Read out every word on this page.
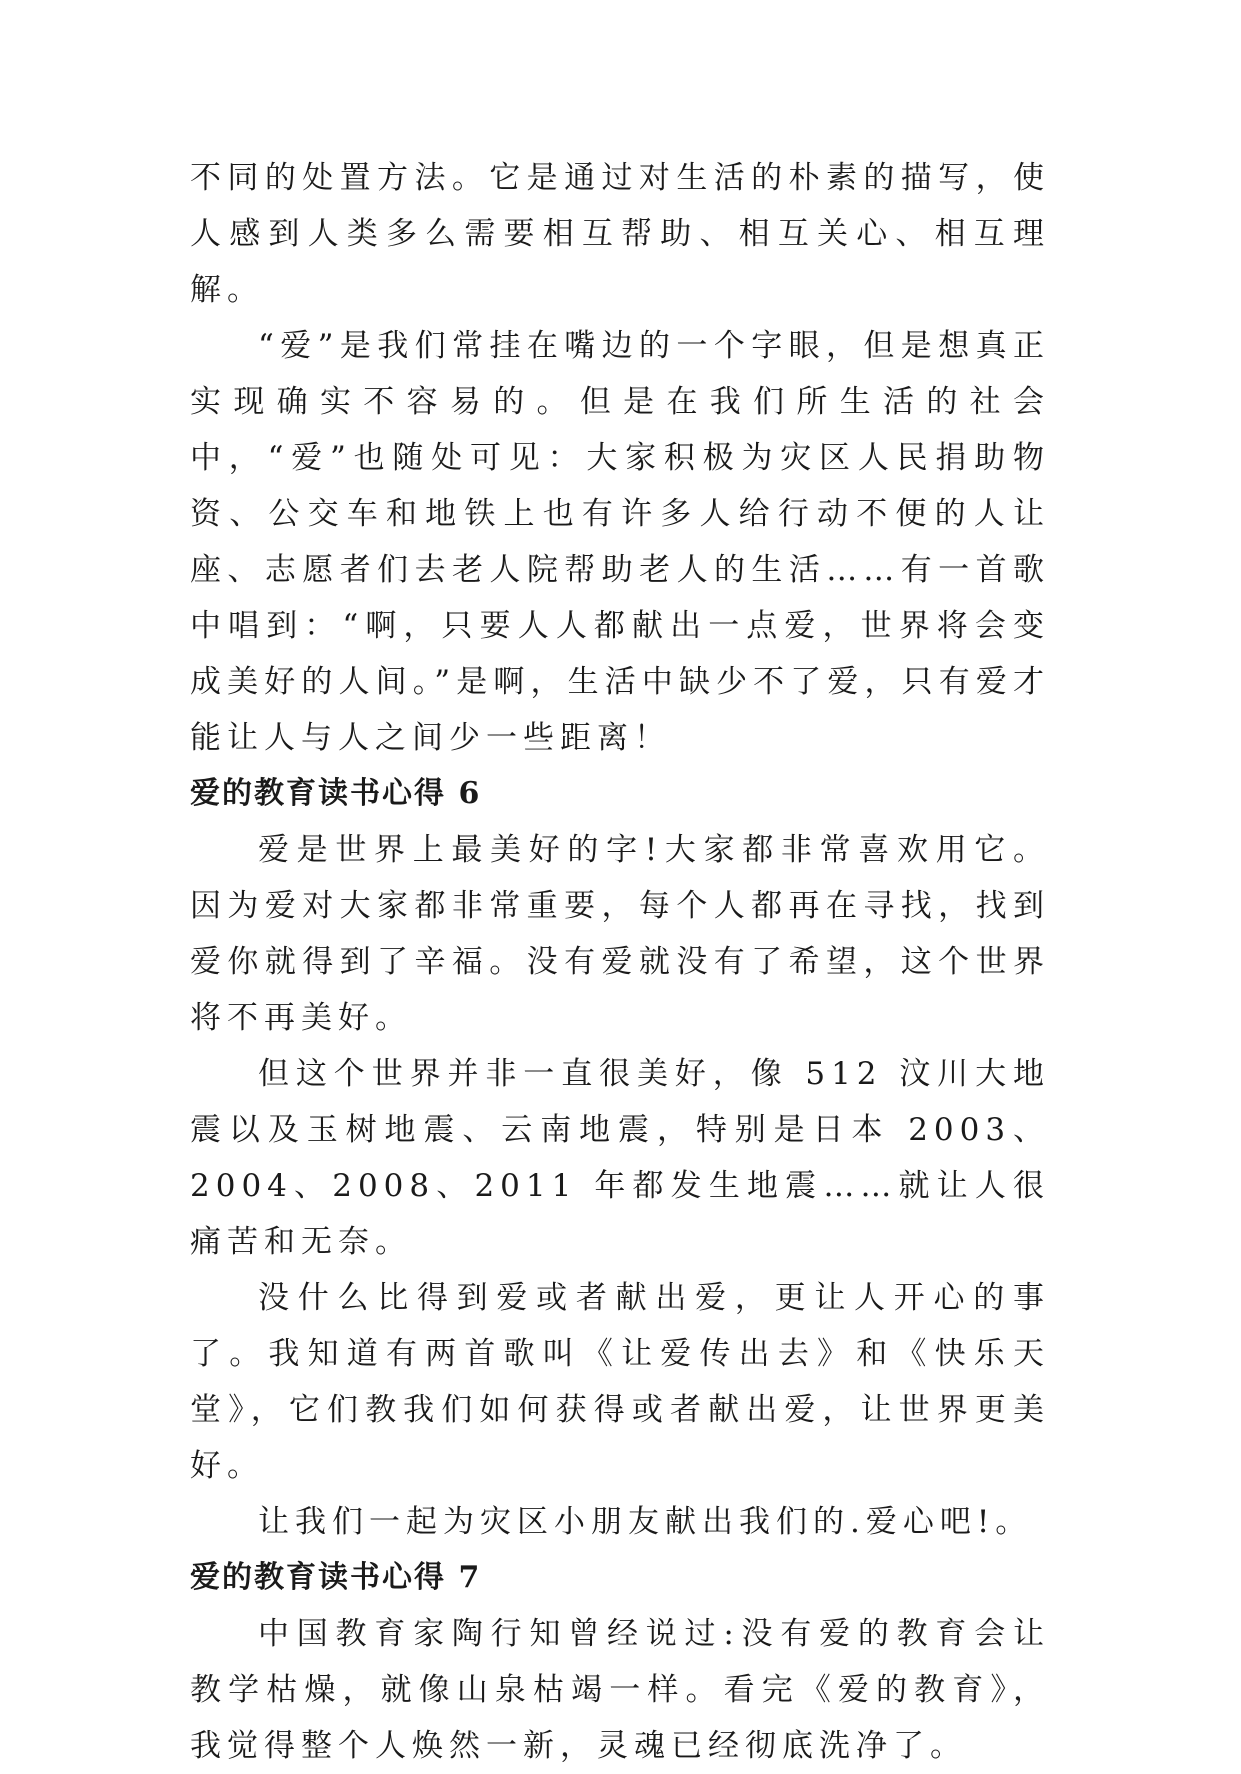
不同的处置方法。它是通过对生活的朴素的描写，使人感到人类多么需要相互帮助、相互关心、相互理解。

“爱”是我们常挂在嘴边的一个字眼，但是想真正实现确实不容易的。但是在我们所生活的社会中，“爱”也随处可见：大家积极为灾区人民捐助物资、公交车和地铁上也有许多人给行动不便的人让座、志愿者们去老人院帮助老人的生活……有一首歌中唱到：“啊，只要人人都献出一点爱，世界将会变成美好的人间。”是啊，生活中缺少不了爱，只有爱才能让人与人之间少一些距离！

爱的教育读书心得 6

爱是世界上最美好的字!大家都非常喜欢用它。因为爱对大家都非常重要，每个人都再在寻找，找到爱你就得到了辛福。没有爱就没有了希望，这个世界将不再美好。

但这个世界并非一直很美好，像 512 汶川大地震以及玉树地震、云南地震，特别是日本 2003、2004、2008、2011 年都发生地震……就让人很痛苦和无奈。

没什么比得到爱或者献出爱，更让人开心的事了。我知道有两首歌叫《让爱传出去》和《快乐天堂》，它们教我们如何获得或者献出爱，让世界更美好。

让我们一起为灾区小朋友献出我们的.爱心吧!。

爱的教育读书心得 7

中国教育家陶行知曾经说过:没有爱的教育会让教学枯燥，就像山泉枯竭一样。看完《爱的教育》，我觉得整个人焕然一新，灵魂已经彻底洗净了。
